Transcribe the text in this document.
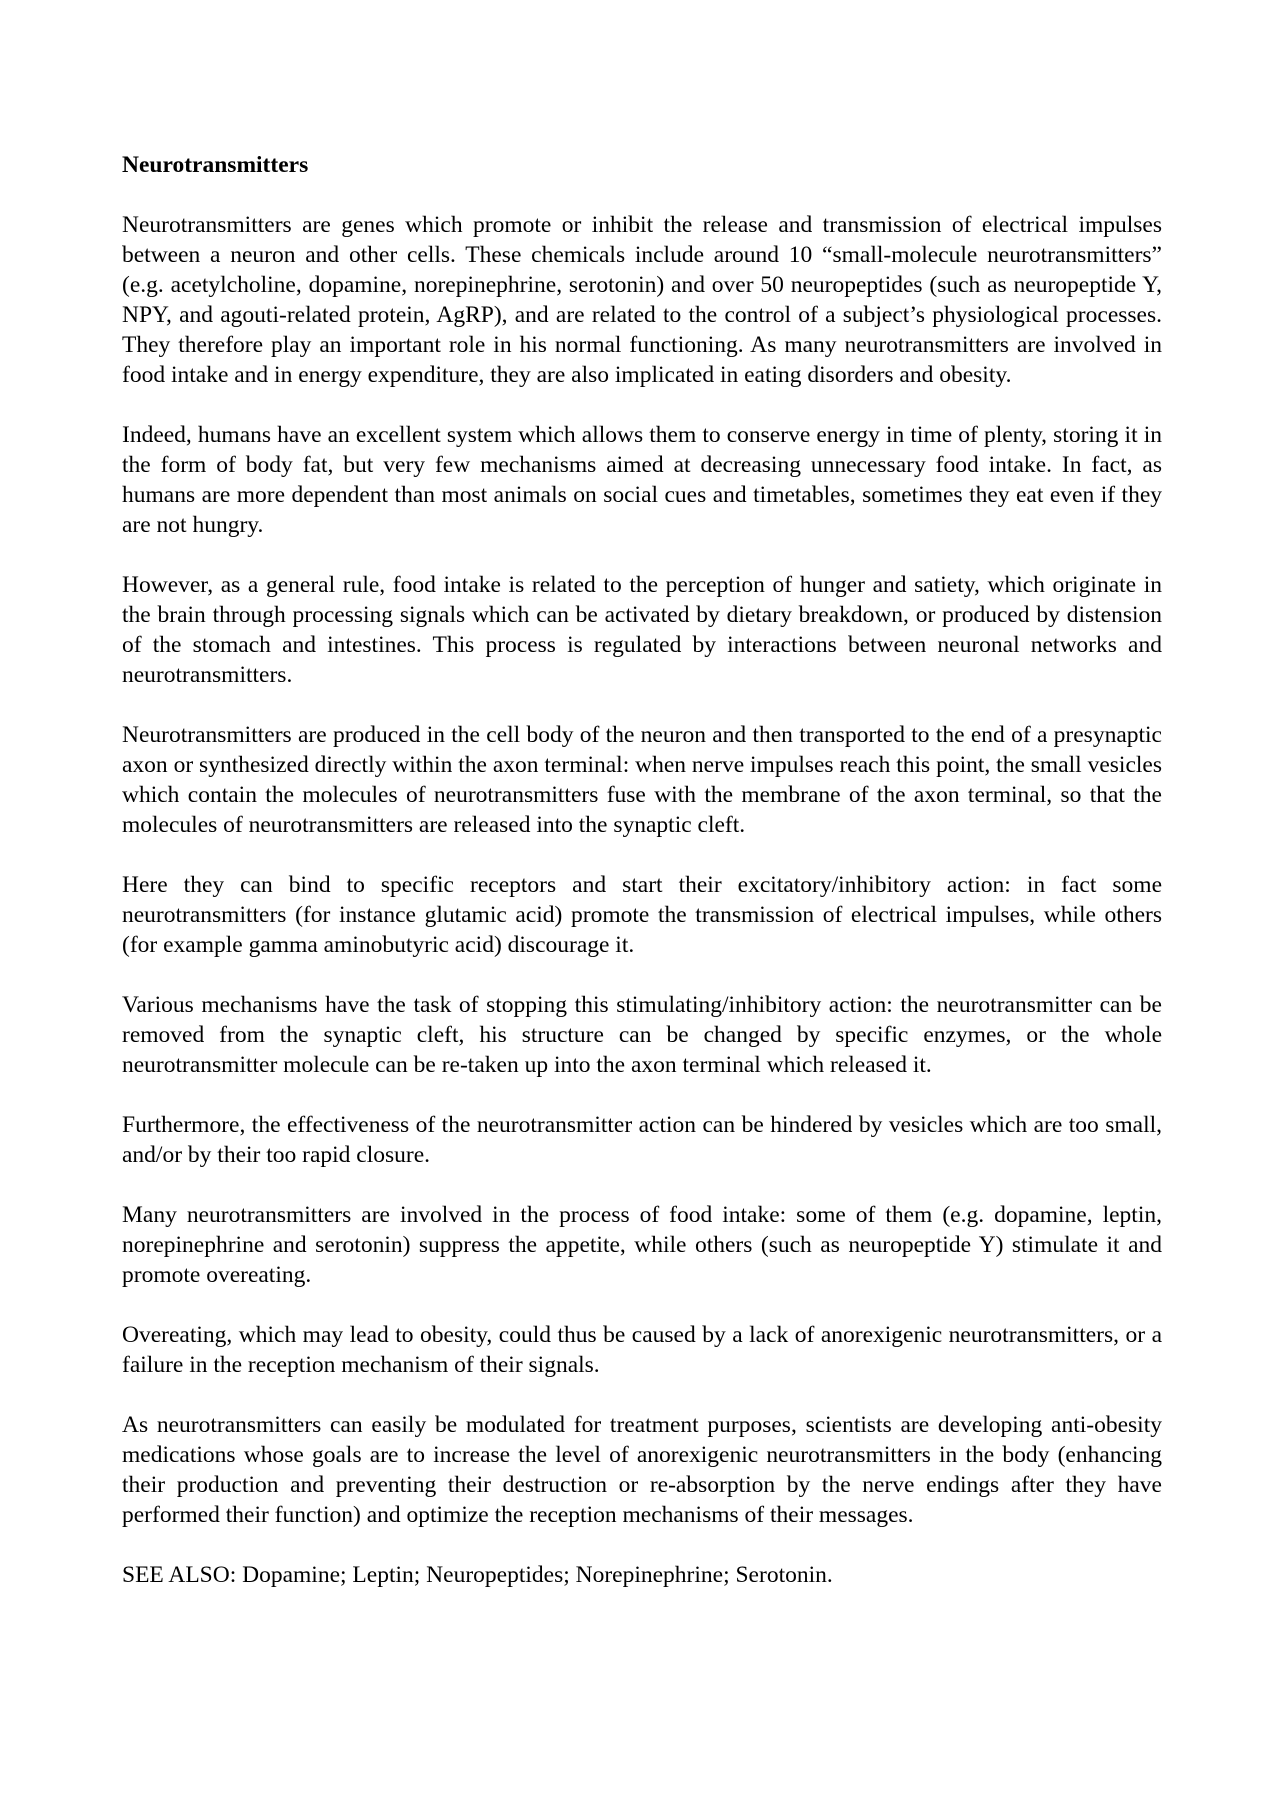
Neurotransmitters

Neurotransmitters are genes which promote or inhibit the release and transmission of electrical impulses between a neuron and other cells. These chemicals include around 10 “small-molecule neurotransmitters” (e.g. acetylcholine, dopamine, norepinephrine, serotonin) and over 50 neuropeptides (such as neuropeptide Y, NPY, and agouti-related protein, AgRP), and are related to the control of a subject’s physiological processes. They therefore play an important role in his normal functioning. As many neurotransmitters are involved in food intake and in energy expenditure, they are also implicated in eating disorders and obesity.

Indeed, humans have an excellent system which allows them to conserve energy in time of plenty, storing it in the form of body fat, but very few mechanisms aimed at decreasing unnecessary food intake. In fact, as humans are more dependent than most animals on social cues and timetables, sometimes they eat even if they are not hungry.

However, as a general rule, food intake is related to the perception of hunger and satiety, which originate in the brain through processing signals which can be activated by dietary breakdown, or produced by distension of the stomach and intestines. This process is regulated by interactions between neuronal networks and neurotransmitters.

Neurotransmitters are produced in the cell body of the neuron and then transported to the end of a presynaptic axon or synthesized directly within the axon terminal: when nerve impulses reach this point, the small vesicles which contain the molecules of neurotransmitters fuse with the membrane of the axon terminal, so that the molecules of neurotransmitters are released into the synaptic cleft.

Here they can bind to specific receptors and start their excitatory/inhibitory action: in fact some neurotransmitters (for instance glutamic acid) promote the transmission of electrical impulses, while others (for example gamma aminobutyric acid) discourage it.

Various mechanisms have the task of stopping this stimulating/inhibitory action: the neurotransmitter can be removed from the synaptic cleft, his structure can be changed by specific enzymes, or the whole neurotransmitter molecule can be re-taken up into the axon terminal which released it.

Furthermore, the effectiveness of the neurotransmitter action can be hindered by vesicles which are too small, and/or by their too rapid closure.

Many neurotransmitters are involved in the process of food intake: some of them (e.g. dopamine, leptin, norepinephrine and serotonin) suppress the appetite, while others (such as neuropeptide Y) stimulate it and promote overeating.

Overeating, which may lead to obesity, could thus be caused by a lack of anorexigenic neurotransmitters, or a failure in the reception mechanism of their signals.

As neurotransmitters can easily be modulated for treatment purposes, scientists are developing anti-obesity medications whose goals are to increase the level of anorexigenic neurotransmitters in the body (enhancing their production and preventing their destruction or re-absorption by the nerve endings after they have performed their function) and optimize the reception mechanisms of their messages.

SEE ALSO: Dopamine; Leptin; Neuropeptides; Norepinephrine; Serotonin.
